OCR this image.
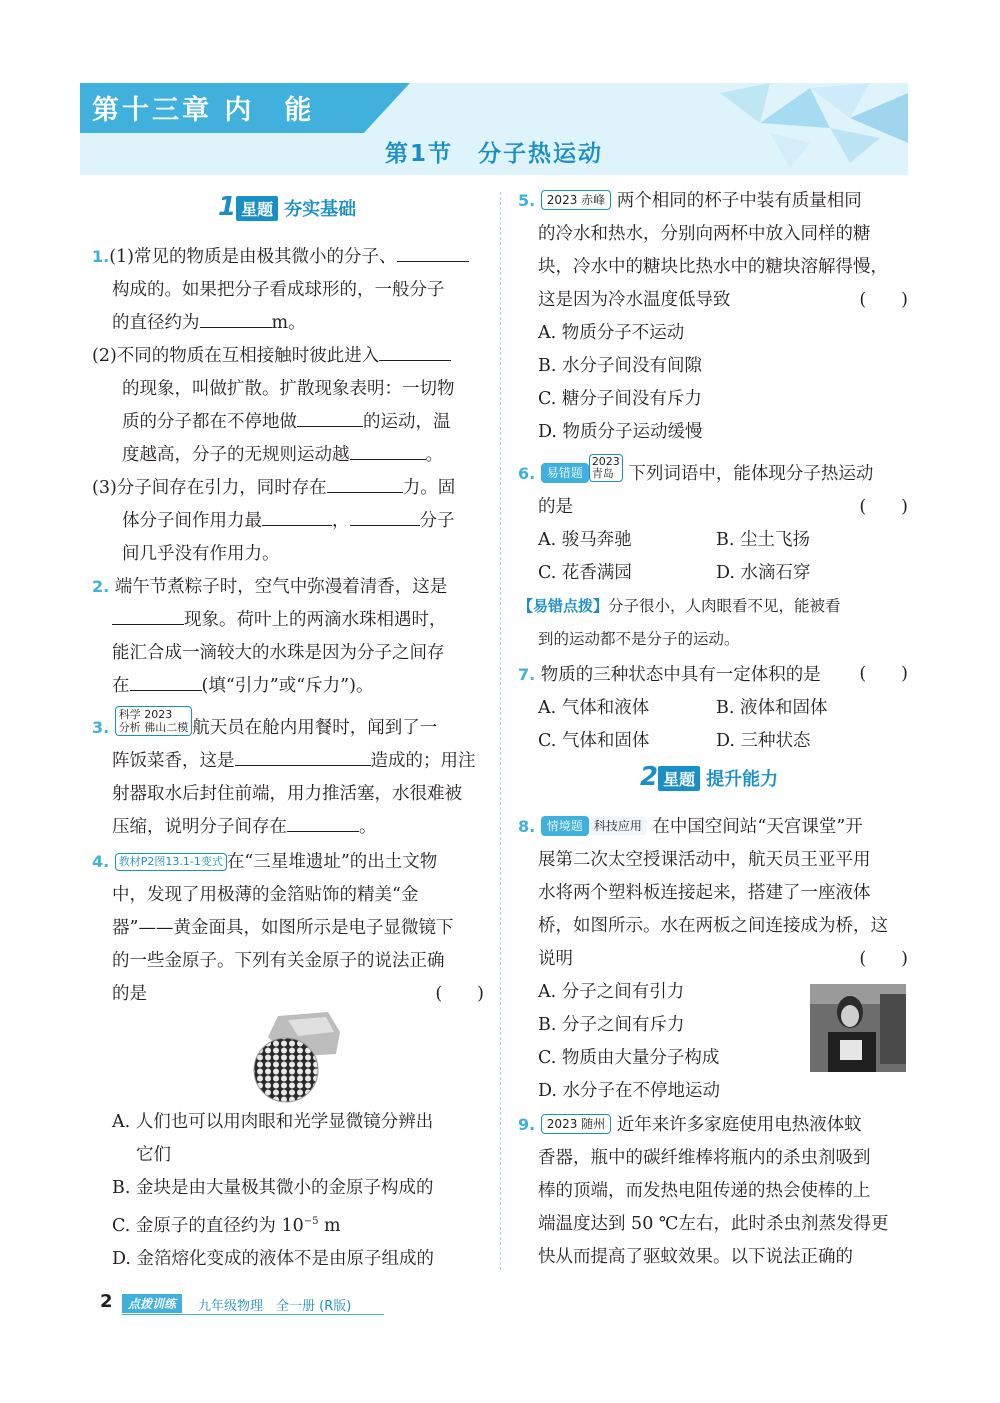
第十三章 内　能
第1节　分子热运动
1 星题 夯实基础
1.(1)常见的物质是由极其微小的分子、
构成的。如果把分子看成球形的，一般分子
的直径约为	m。
(2)不同的物质在互相接触时彼此进入
的现象，叫做扩散。扩散现象表明：一切物
质的分子都在不停地做	的运动，温
度越高，分子的无规则运动越	。
(3)分子间存在引力，同时存在	力。固
体分子间作用力最	，	分子
间几乎没有作用力。
2. 端午节煮粽子时，空气中弥漫着清香，这是
现象。荷叶上的两滴水珠相遇时，
能汇合成一滴较大的水珠是因为分子之间存
在	(填“引力”或“斥力”)。
3. 科学 2023
分析 佛山二模 航天员在舱内用餐时，闻到了一
阵饭菜香，这是	造成的；用注
射器取水后封住前端，用力推活塞，水很难被
压缩，说明分子间存在	。
4. 教材P2图13.1-1变式 在“三星堆遗址”的出土文物
中，发现了用极薄的金箔贴饰的精美“金
器”——黄金面具，如图所示是电子显微镜下
的一些金原子。下列有关金原子的说法正确
的是	(　　)
A. 人们也可以用肉眼和光学显微镜分辨出
它们
B. 金块是由大量极其微小的金原子构成的
C. 金原子的直径约为 $10^{-5}$ m
D. 金箔熔化变成的液体不是由原子组成的
5. 2023 赤峰 两个相同的杯子中装有质量相同
的冷水和热水，分别向两杯中放入同样的糖
块，冷水中的糖块比热水中的糖块溶解得慢，
这是因为冷水温度低导致	(　　)
A. 物质分子不运动
B. 水分子间没有间隙
C. 糖分子间没有斥力
D. 物质分子运动缓慢
6. 易错题2023
青岛 下列词语中，能体现分子热运动
的是	(　　)
A. 骏马奔驰	B. 尘土飞扬
C. 花香满园	D. 水滴石穿
【易错点拨】分子很小，人肉眼看不见，能被看
到的运动都不是分子的运动。
7. 物质的三种状态中具有一定体积的是 (　　)
A. 气体和液体	B. 液体和固体
C. 气体和固体	D. 三种状态
2 星题 提升能力
8. 情境题 科技应用 在中国空间站“天宫课堂”开
展第二次太空授课活动中，航天员王亚平用
水将两个塑料板连接起来，搭建了一座液体
桥，如图所示。水在两板之间连接成为桥，这
说明	(　　)
A. 分子之间有引力
B. 分子之间有斥力
C. 物质由大量分子构成
D. 水分子在不停地运动
9. 2023 随州 近年来许多家庭使用电热液体蚊
香器，瓶中的碳纤维棒将瓶内的杀虫剂吸到
棒的顶端，而发热电阻传递的热会使棒的上
端温度达到 50 ℃左右，此时杀虫剂蒸发得更
快从而提高了驱蚊效果。以下说法正确的
2	点拨训练	九年级物理　全一册 (R版)
